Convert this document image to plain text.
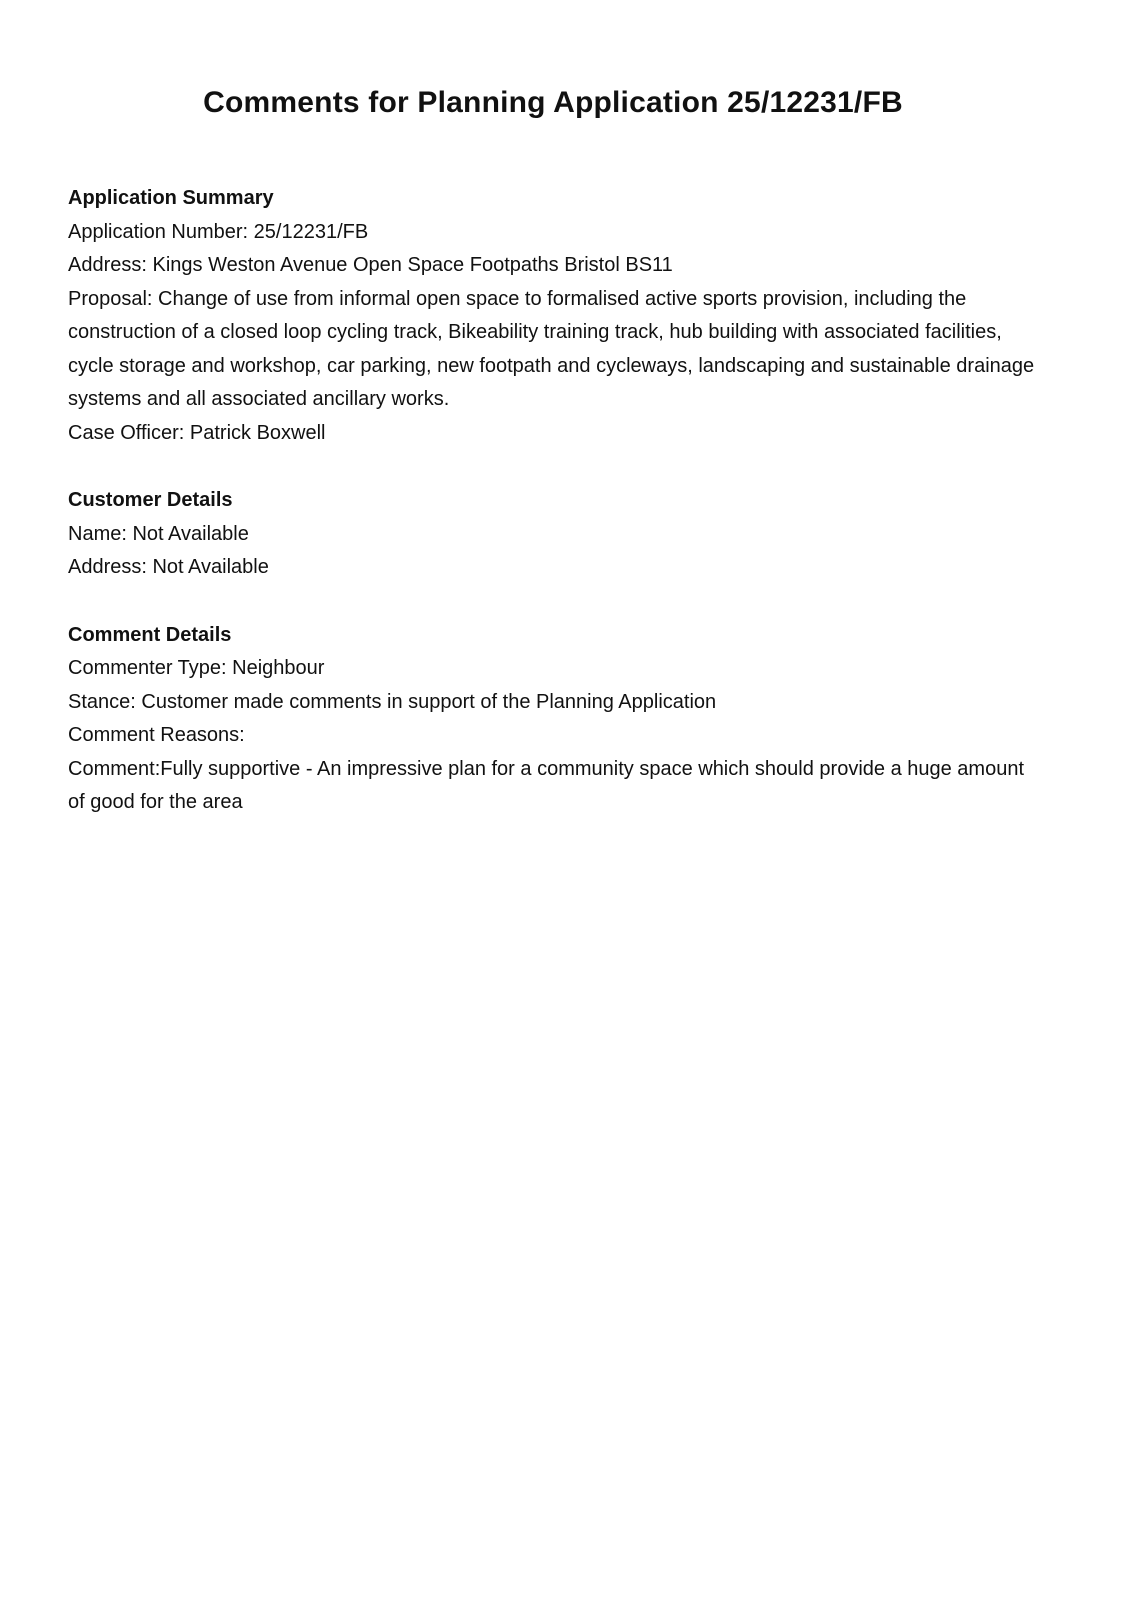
Comments for Planning Application 25/12231/FB

Application Summary

Application Number: 25/12231/FB

Address: Kings Weston Avenue Open Space Footpaths Bristol BS11

Proposal: Change of use from informal open space to formalised active sports provision, including the construction of a closed loop cycling track, Bikeability training track, hub building with associated facilities, cycle storage and workshop, car parking, new footpath and cycleways, landscaping and sustainable drainage systems and all associated ancillary works.

Case Officer: Patrick Boxwell

Customer Details

Name: Not Available

Address: Not Available

Comment Details

Commenter Type: Neighbour

Stance: Customer made comments in support of the Planning Application

Comment Reasons:

Comment:Fully supportive - An impressive plan for a community space which should provide a huge amount of good for the area
